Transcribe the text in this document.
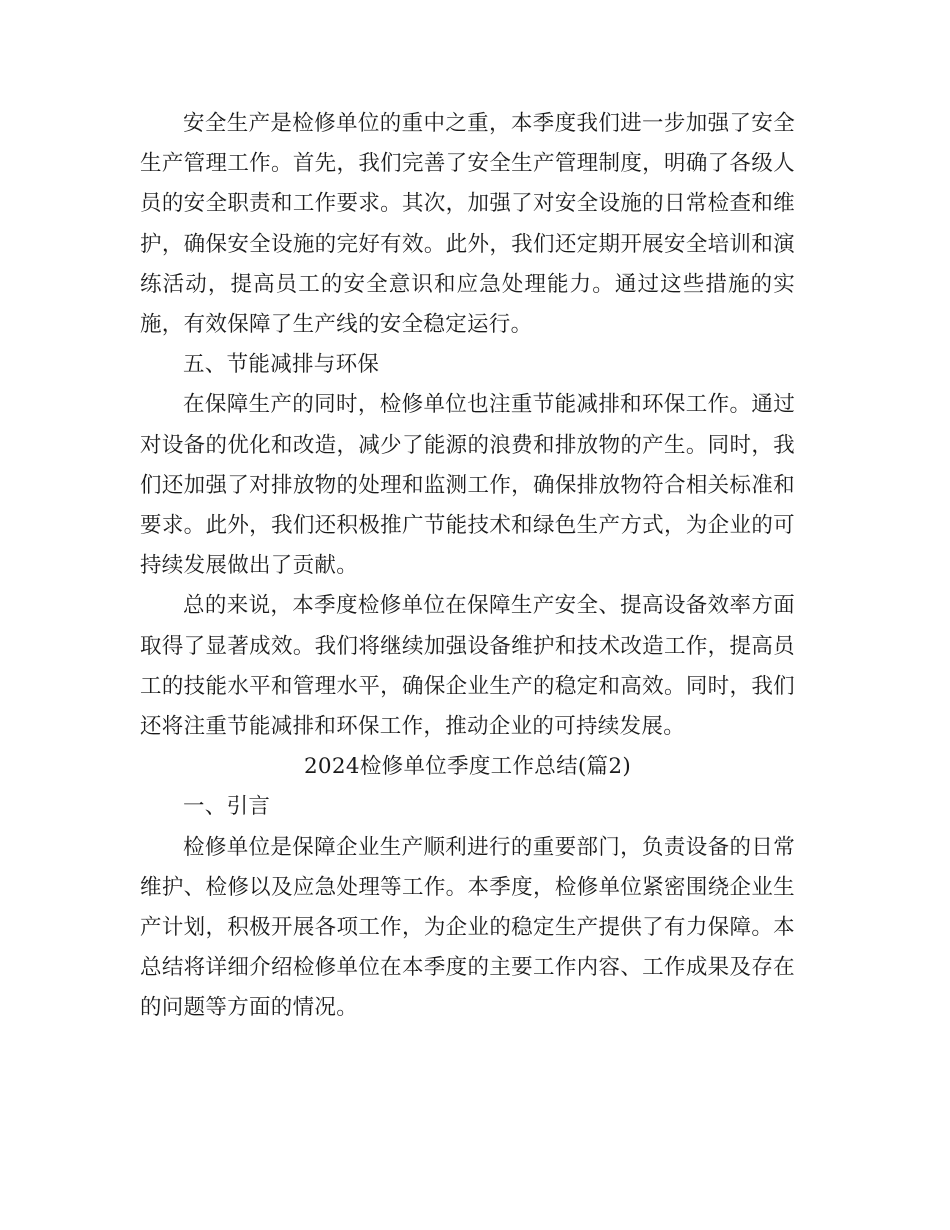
安全生产是检修单位的重中之重，本季度我们进一步加强了安全生产管理工作。首先，我们完善了安全生产管理制度，明确了各级人员的安全职责和工作要求。其次，加强了对安全设施的日常检查和维护，确保安全设施的完好有效。此外，我们还定期开展安全培训和演练活动，提高员工的安全意识和应急处理能力。通过这些措施的实施，有效保障了生产线的安全稳定运行。

五、节能减排与环保

在保障生产的同时，检修单位也注重节能减排和环保工作。通过对设备的优化和改造，减少了能源的浪费和排放物的产生。同时，我们还加强了对排放物的处理和监测工作，确保排放物符合相关标准和要求。此外，我们还积极推广节能技术和绿色生产方式，为企业的可持续发展做出了贡献。

总的来说，本季度检修单位在保障生产安全、提高设备效率方面取得了显著成效。我们将继续加强设备维护和技术改造工作，提高员工的技能水平和管理水平，确保企业生产的稳定和高效。同时，我们还将注重节能减排和环保工作，推动企业的可持续发展。

2024检修单位季度工作总结(篇2)

一、引言

检修单位是保障企业生产顺利进行的重要部门，负责设备的日常维护、检修以及应急处理等工作。本季度，检修单位紧密围绕企业生产计划，积极开展各项工作，为企业的稳定生产提供了有力保障。本总结将详细介绍检修单位在本季度的主要工作内容、工作成果及存在的问题等方面的情况。
